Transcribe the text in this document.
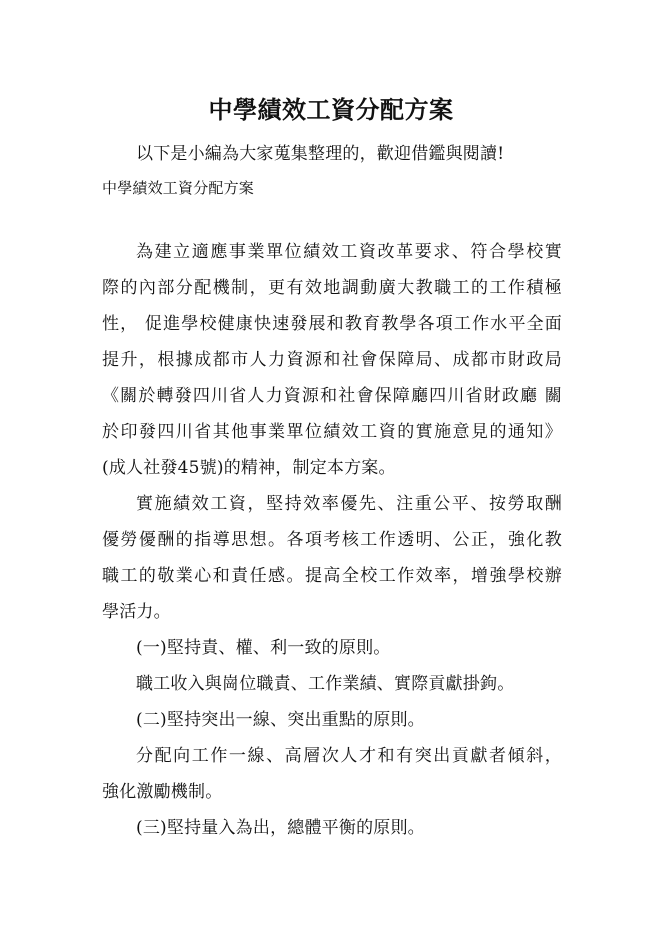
中學績效工資分配方案
以下是小編為大家蒐集整理的，歡迎借鑑與閱讀!
中學績效工資分配方案
為建立適應事業單位績效工資改革要求、符合學校實
際的內部分配機制，更有效地調動廣大教職工的工作積極
性， 促進學校健康快速發展和教育教學各項工作水平全面
提升，根據成都市人力資源和社會保障局、成都市財政局
《關於轉發四川省人力資源和社會保障廳四川省財政廳 關
於印發四川省其他事業單位績效工資的實施意見的通知》
(成人社發45號)的精神，制定本方案。
實施績效工資，堅持效率優先、注重公平、按勞取酬
優勞優酬的指導思想。各項考核工作透明、公正，強化教
職工的敬業心和責任感。提高全校工作效率，增強學校辦
學活力。
(一)堅持責、權、利一致的原則。
職工收入與崗位職責、工作業績、實際貢獻掛鉤。
(二)堅持突出一線、突出重點的原則。
分配向工作一線、高層次人才和有突出貢獻者傾斜，
強化激勵機制。
(三)堅持量入為出，總體平衡的原則。
